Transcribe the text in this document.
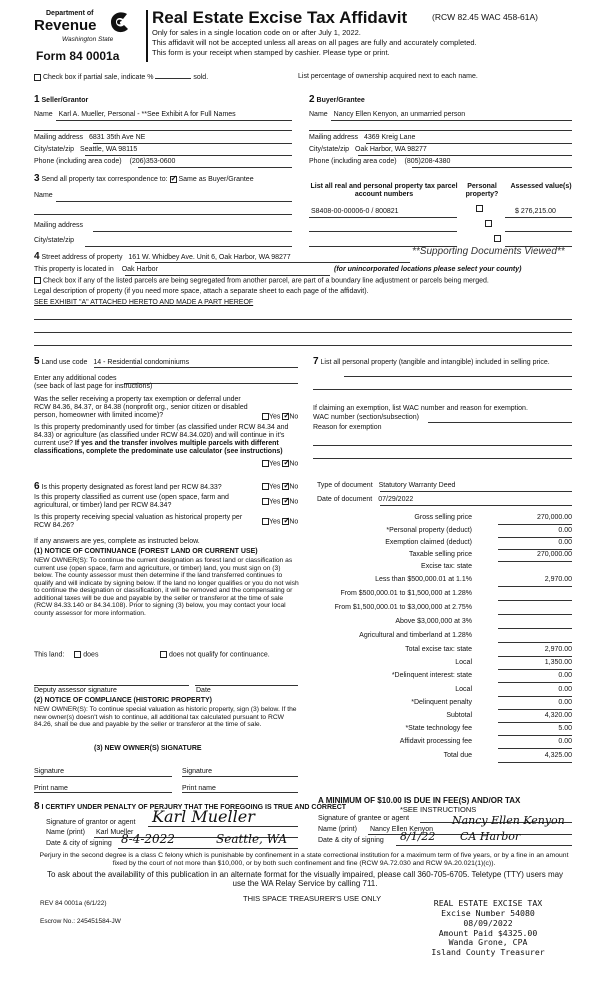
Department of
Revenue
Washington State
Form 84 0001a
Real Estate Excise Tax Affidavit	(RCW 82.45 WAC 458-61A)
Only for sales in a single location code on or after July 1, 2022.
This affidavit will not be accepted unless all areas on all pages are fully and accurately completed.
This form is your receipt when stamped by cashier. Please type or print.
Check box if partial sale, indicate %	sold.	List percentage of ownership acquired next to each name.
1 Seller/Grantor
Name Karl A. Mueller, Personal - **See Exhibit A for Full Names
Mailing address 6831 35th Ave NE
City/state/zip Seattle, WA 98115
Phone (including area code) (206)353-0600
2 Buyer/Grantee
Name Nancy Ellen Kenyon, an unmarried person
Mailing address 4369 Kreig Lane
City/state/zip Oak Harbor, WA 98277
Phone (including area code) (805)208-4380
3 Send all property tax correspondence to: ✓ Same as Buyer/Grantee
Name
Mailing address
City/state/zip
List all real and personal property tax parcel account numbers
Personal property?
Assessed value(s)
S8408-00-00006-0 / 800821
	$ 276,215.00

**Supporting Documents Viewed**
4 Street address of property 161 W. Whidbey Ave. Unit 6, Oak Harbor, WA 98277
This property is located in Oak Harbor	(for unincorporated locations please select your county)
Check box if any of the listed parcels are being segregated from another parcel, are part of a boundary line adjustment or parcels being merged.
Legal description of property (if you need more space, attach a separate sheet to each page of the affidavit).
SEE EXHIBIT "A" ATTACHED HERETO AND MADE A PART HEREOF
5 Land use code 14 - Residential condominiums
Enter any additional codes
(see back of last page for instructions)
Was the seller receiving a property tax exemption or deferral under RCW 84.36, 84.37, or 84.38 (nonprofit org., senior citizen or disabled person, homeowner with limited income)?	Yes ✓ No
Is this property predominantly used for timber (as classified under RCW 84.34 and 84.33) or agriculture (as classified under RCW 84.34.020) and will continue in it's current use? If yes and the transfer involves multiple parcels with different classifications, complete the predominate use calculator (see instructions)
Yes ✓ No
7 List all personal property (tangible and intangible) included in selling price.
If claiming an exemption, list WAC number and reason for exemption.
WAC number (section/subsection)
Reason for exemption
6 Is this property designated as forest land per RCW 84.33?	Yes ✓ No
Is this property classified as current use (open space, farm and agricultural, or timber) land per RCW 84.34?
Yes ✓ No
Is this property receiving special valuation as historical property per RCW 84.26?
Yes ✓ No
If any answers are yes, complete as instructed below.
(1) NOTICE OF CONTINUANCE (FOREST LAND OR CURRENT USE)
NEW OWNER(S): To continue the current designation as forest land or classification as current use (open space, farm and agriculture, or timber) land, you must sign on (3) below. The county assessor must then determine if the land transferred continues to qualify and will indicate by signing below. If the land no longer qualifies or you do not wish to continue the designation or classification, it will be removed and the compensating or additional taxes will be due and payable by the seller or transferor at the time of sale (RCW 84.33.140 or 84.34.108). Prior to signing (3) below, you may contact your local county assessor for more information.
This land:	does	does not qualify for continuance.
Deputy assessor signature	Date
(2) NOTICE OF COMPLIANCE (HISTORIC PROPERTY)
NEW OWNER(S): To continue special valuation as historic property, sign (3) below. If the new owner(s) doesn't wish to continue, all additional tax calculated pursuant to RCW 84.26, shall be due and payable by the seller or transferor at the time of sale.
(3) NEW OWNER(S) SIGNATURE
Signature	Signature
Print name	Print name
Type of document Statutory Warranty Deed
Date of document 07/29/2022
Gross selling price	270,000.00
*Personal property (deduct)	0.00
Exemption claimed (deduct)	0.00
Taxable selling price	270,000.00
Excise tax: state
Less than $500,000.01 at 1.1%	2,970.00
From $500,000.01 to $1,500,000 at 1.28%
From $1,500,000.01 to $3,000,000 at 2.75%
Above $3,000,000 at 3%
Agricultural and timberland at 1.28%
Total excise tax: state	2,970.00
Local	1,350.00
*Delinquent interest: state	0.00
Local	0.00
*Delinquent penalty	0.00
Subtotal	4,320.00
*State technology fee	5.00
Affidavit processing fee	0.00
Total due	4,325.00
A MINIMUM OF $10.00 IS DUE IN FEE(S) AND/OR TAX
*SEE INSTRUCTIONS
8 I CERTIFY UNDER PENALTY OF PERJURY THAT THE FOREGOING IS TRUE AND CORRECT
Signature of grantor or agent Karl Mueller
Name (print) Karl Mueller
Date & city of signing 8-4-2022	Seattle, WA
Signature of grantee or agent
Name (print) Nancy Ellen Kenyon
Nancy Ellen Kenyon
Date & city of signing 8/1/22 CA Harbor
Perjury in the second degree is a class C felony which is punishable by confinement in a state correctional institution for a maximum term of five years, or by a fine in an amount fixed by the court of not more than $10,000, or by both such confinement and fine (RCW 9A.72.030 and RCW 9A.20.021(1)(c)).
To ask about the availability of this publication in an alternate format for the visually impaired, please call 360-705-6705. Teletype (TTY) users may use the WA Relay Service by calling 711.
REV 84 0001a (6/1/22)
THIS SPACE TREASURER'S USE ONLY
Escrow No.: 245451584-JW
REAL ESTATE EXCISE TAX
Excise Number 54080
08/09/2022
Amount Paid $4325.00
Wanda Grone, CPA
Island County Treasurer
